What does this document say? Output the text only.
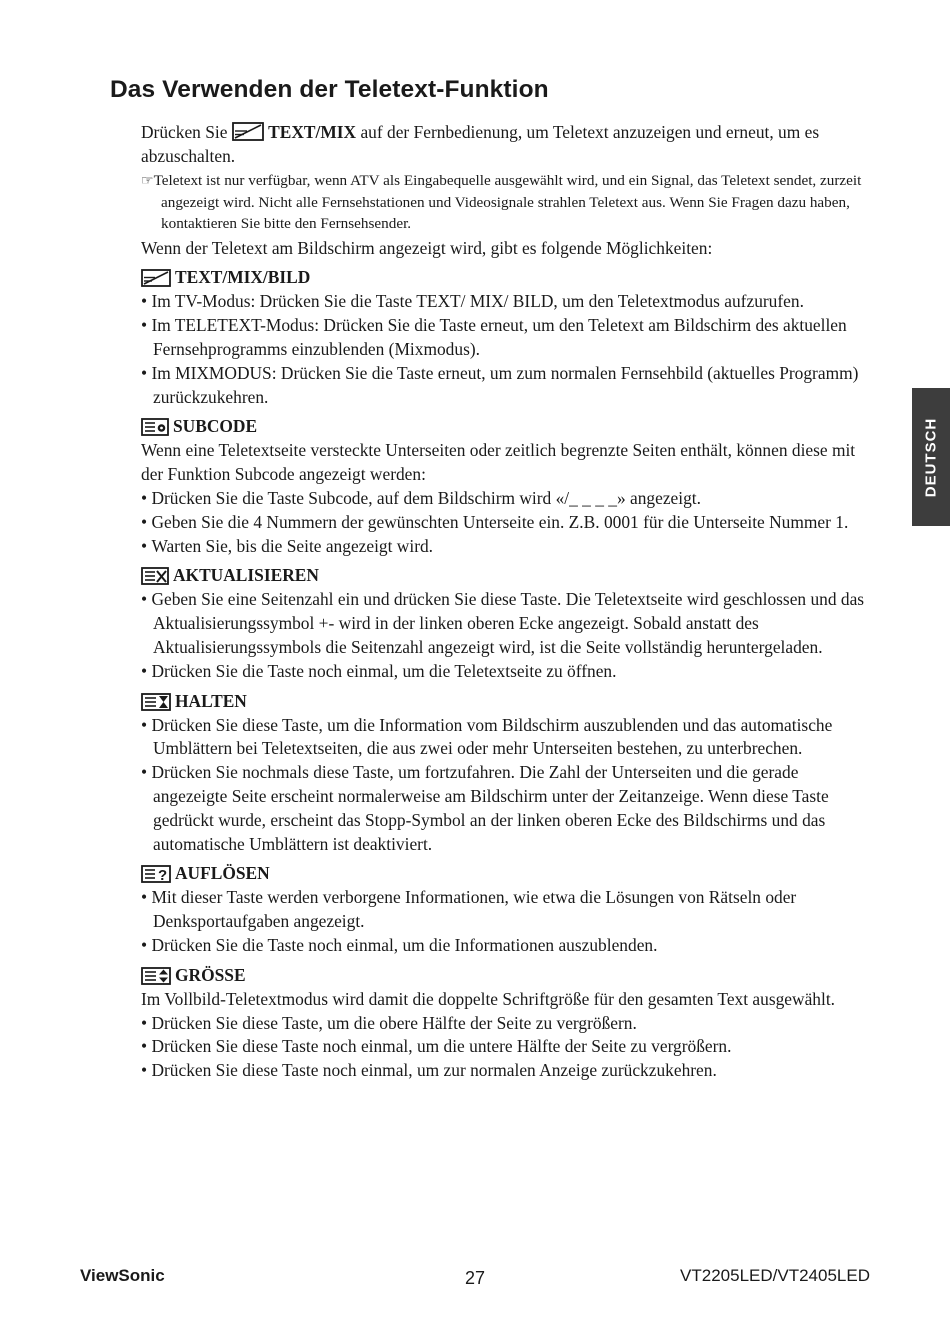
Das Verwenden der Teletext-Funktion

Drücken Sie  TEXT/MIX auf der Fernbedienung, um Teletext anzuzeigen und erneut, um es abzuschalten.

☞Teletext ist nur verfügbar, wenn ATV als Eingabequelle ausgewählt wird, und ein Signal, das Teletext sendet, zurzeit angezeigt wird. Nicht alle Fernsehstationen und Videosignale strahlen Teletext aus. Wenn Sie Fragen dazu haben, kontaktieren Sie bitte den Fernsehsender.

Wenn der Teletext am Bildschirm angezeigt wird, gibt es folgende Möglichkeiten:

TEXT/MIX/BILD
• Im TV-Modus: Drücken Sie die Taste TEXT/ MIX/ BILD, um den Teletextmodus aufzurufen.
• Im TELETEXT-Modus: Drücken Sie die Taste erneut, um den Teletext am Bildschirm des aktuellen Fernsehprogramms einzublenden (Mixmodus).
• Im MIXMODUS: Drücken Sie die Taste erneut, um zum normalen Fernsehbild (aktuelles Programm) zurückzukehren.
SUBCODE

Wenn eine Teletextseite versteckte Unterseiten oder zeitlich begrenzte Seiten enthält, können diese mit der Funktion Subcode angezeigt werden:

• Drücken Sie die Taste Subcode, auf dem Bildschirm wird «/_ _ _ _» angezeigt.
• Geben Sie die 4 Nummern der gewünschten Unterseite ein. Z.B. 0001 für die Unterseite Nummer 1.
• Warten Sie, bis die Seite angezeigt wird.
AKTUALISIEREN
• Geben Sie eine Seitenzahl ein und drücken Sie diese Taste. Die Teletextseite wird geschlossen und das Aktualisierungssymbol +- wird in der linken oberen Ecke angezeigt. Sobald anstatt des Aktualisierungssymbols die Seitenzahl angezeigt wird, ist die Seite vollständig heruntergeladen.
• Drücken Sie die Taste noch einmal, um die Teletextseite zu öffnen.
HALTEN
• Drücken Sie diese Taste, um die Information vom Bildschirm auszublenden und das automatische Umblättern bei Teletextseiten, die aus zwei oder mehr Unterseiten bestehen, zu unterbrechen.
• Drücken Sie nochmals diese Taste, um fortzufahren. Die Zahl der Unterseiten und die gerade angezeigte Seite erscheint normalerweise am Bildschirm unter der Zeitanzeige. Wenn diese Taste gedrückt wurde, erscheint das Stopp-Symbol an der linken oberen Ecke des Bildschirms und das automatische Umblättern ist deaktiviert.
? AUFLÖSEN
• Mit dieser Taste werden verborgene Informationen, wie etwa die Lösungen von Rätseln oder Denksportaufgaben angezeigt.
• Drücken Sie die Taste noch einmal, um die Informationen auszublenden.
GRÖSSE

Im Vollbild-Teletextmodus wird damit die doppelte Schriftgröße für den gesamten Text ausgewählt.

• Drücken Sie diese Taste, um die obere Hälfte der Seite zu vergrößern.
• Drücken Sie diese Taste noch einmal, um die untere Hälfte der Seite zu vergrößern.
• Drücken Sie diese Taste noch einmal, um zur normalen Anzeige zurückzukehren.
DEUTSCH
ViewSonic	27	VT2205LED/VT2405LED
